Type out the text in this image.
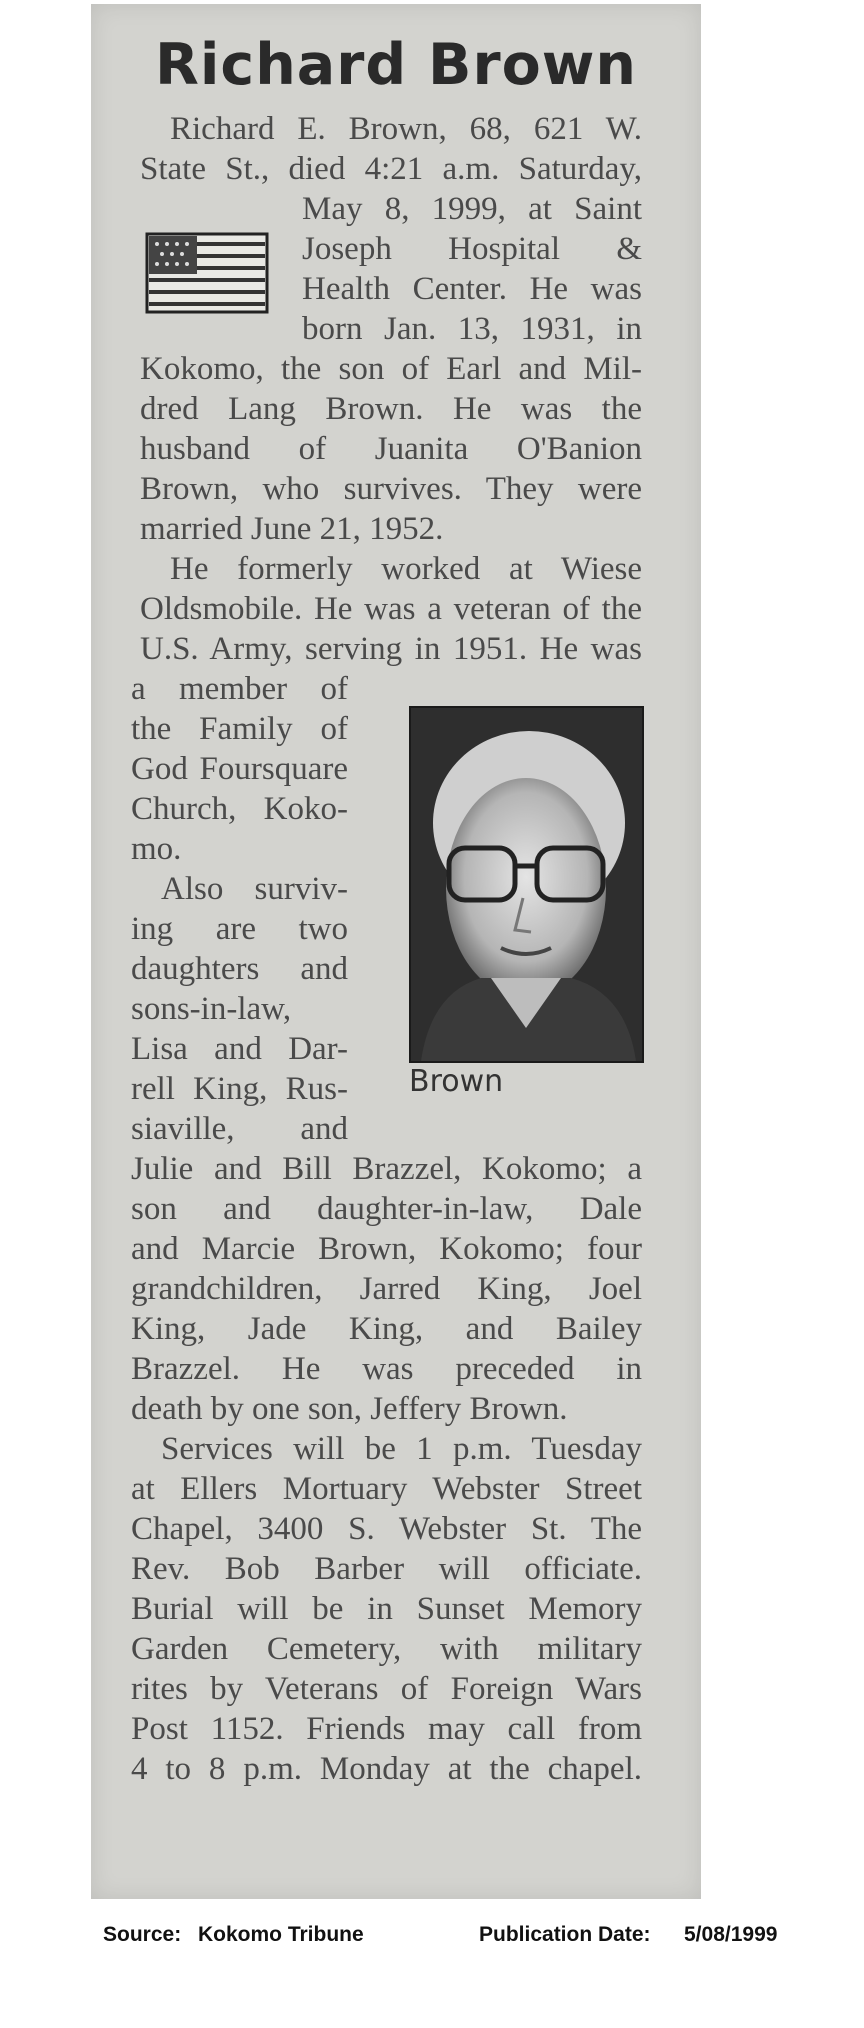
Richard Brown
Richard E. Brown, 68, 621 W.
State St., died 4:21 a.m. Saturday,
May 8, 1999, at Saint
Joseph Hospital &
Health Center. He was
born Jan. 13, 1931, in
Kokomo, the son of Earl and Mil-
dred Lang Brown. He was the
husband of Juanita O'Banion
Brown, who survives. They were
married June 21, 1952.
He formerly worked at Wiese
Oldsmobile. He was a veteran of the
U.S. Army, serving in 1951. He was
a member of
the Family of
God Foursquare
Church, Koko-
mo.
Also surviv-
ing are two
daughters and
sons-in-law,
Lisa and Dar-
rell King, Rus-
siaville, and
Brown
Julie and Bill Brazzel, Kokomo; a
son and daughter-in-law, Dale
and Marcie Brown, Kokomo; four
grandchildren, Jarred King, Joel
King, Jade King, and Bailey
Brazzel. He was preceded in
death by one son, Jeffery Brown.
Services will be 1 p.m. Tuesday
at Ellers Mortuary Webster Street
Chapel, 3400 S. Webster St. The
Rev. Bob Barber will officiate.
Burial will be in Sunset Memory
Garden Cemetery, with military
rites by Veterans of Foreign Wars
Post 1152. Friends may call from
4 to 8 p.m. Monday at the chapel.
Source: Kokomo Tribune	Publication Date: 5/08/1999
